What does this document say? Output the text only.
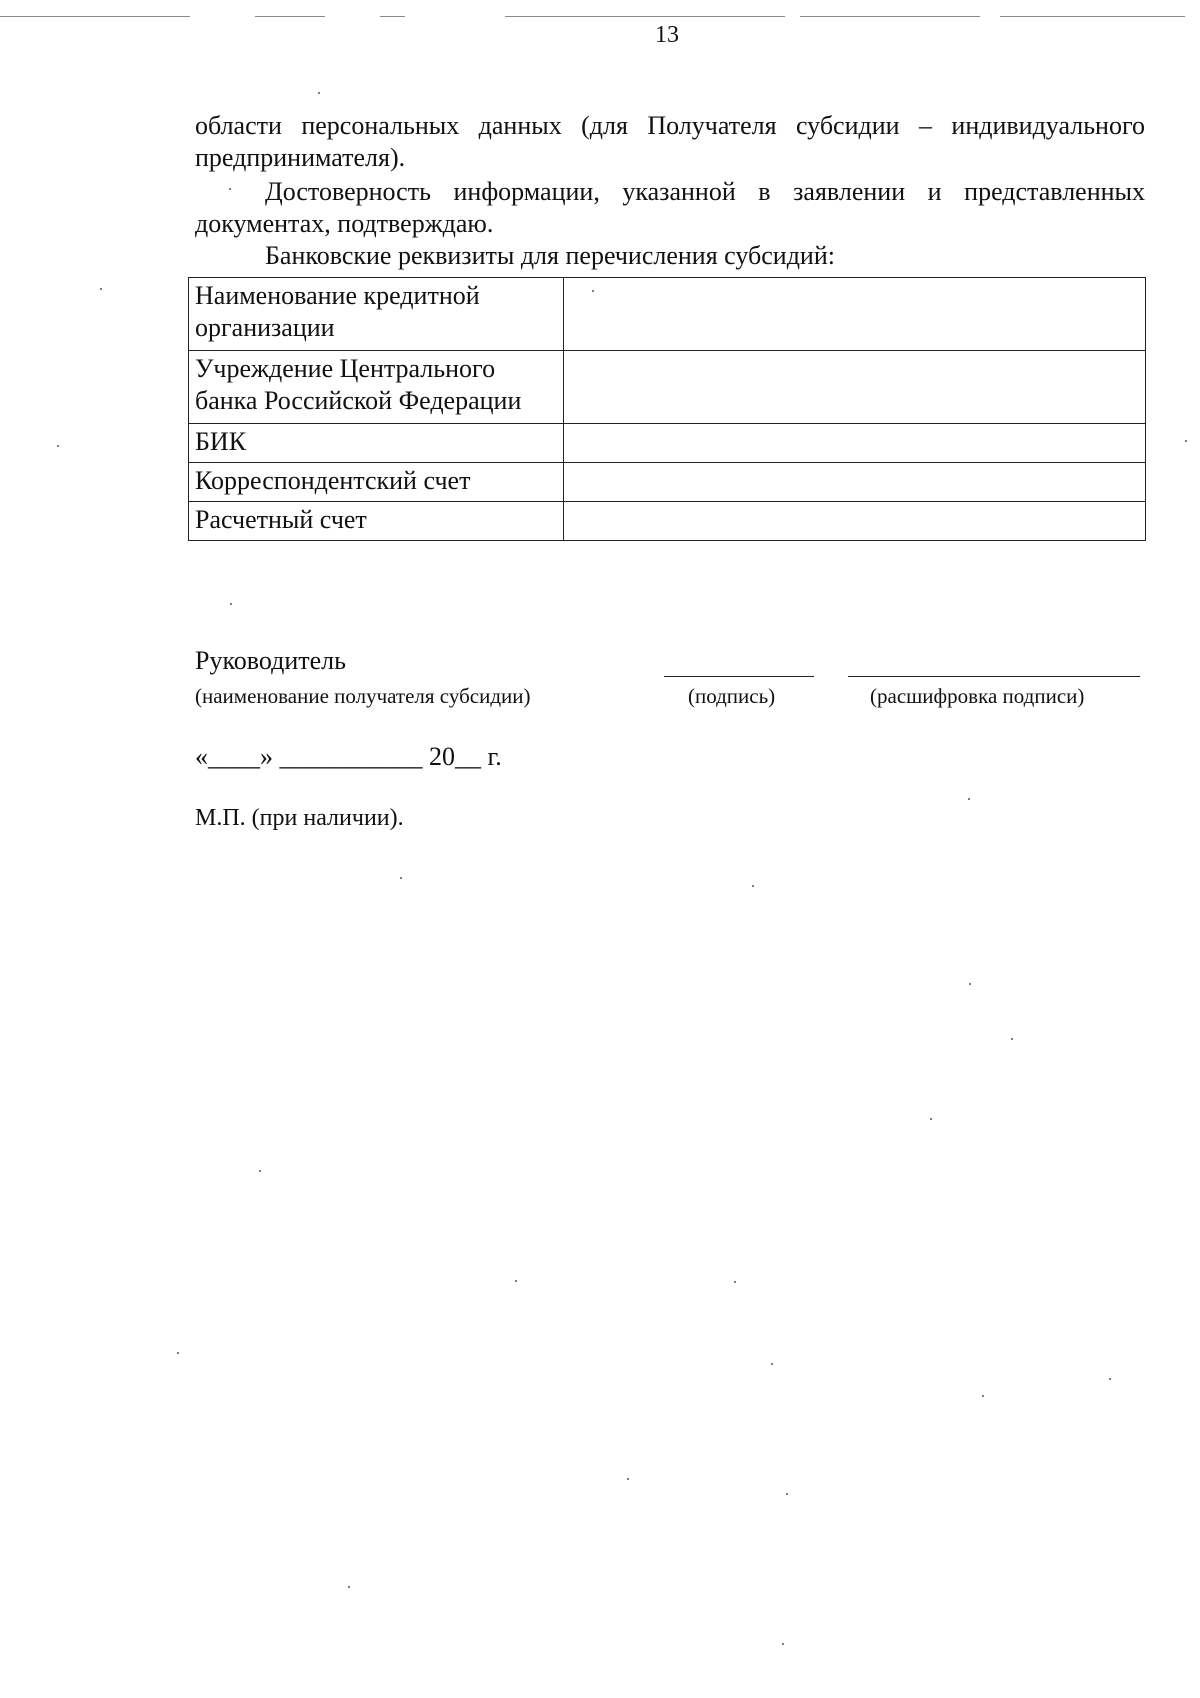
13
области персональных данных (для Получателя субсидии – индивидуального предпринимателя).
Достоверность информации, указанной в заявлении и представленных документах, подтверждаю.
Банковские реквизиты для перечисления субсидий:
Наименование кредитной организации	
Учреждение Центрального банка Российской Федерации	
БИК	
Корреспондентский счет	
Расчетный счет	
Руководитель
(наименование получателя субсидии)	(подпись)	(расшифровка подписи)
«____» ___________ 20__ г.
М.П. (при наличии).
